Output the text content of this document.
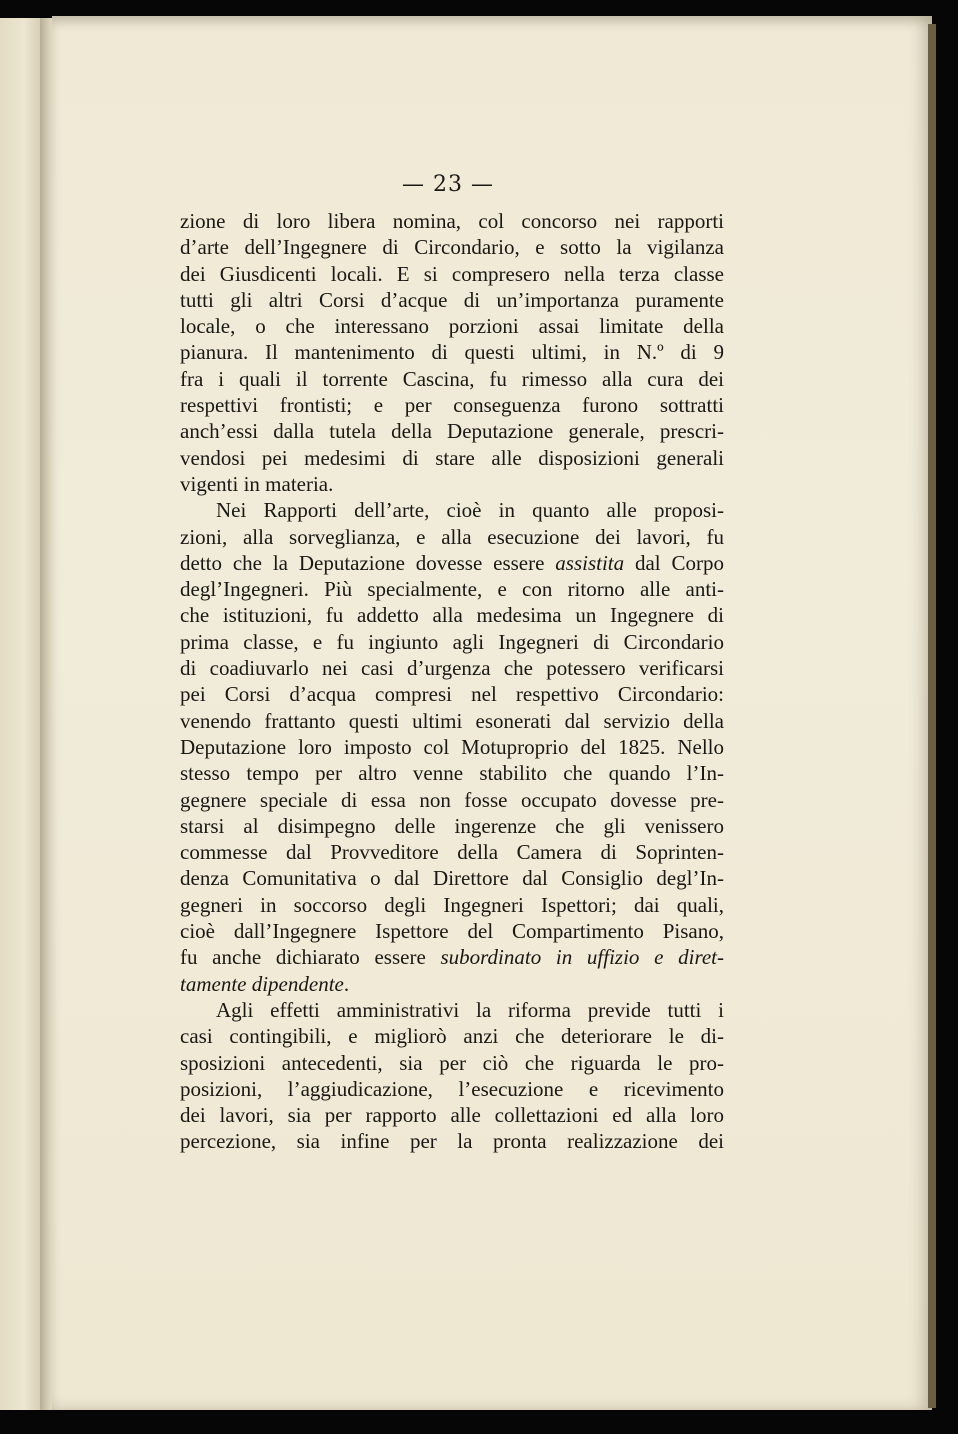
— 23 —
zione di loro libera nomina, col concorso nei rapporti
d’arte dell’Ingegnere di Circondario, e sotto la vigilanza
dei Giusdicenti locali. E si compresero nella terza classe
tutti gli altri Corsi d’acque di un’importanza puramente
locale, o che interessano porzioni assai limitate della
pianura. Il mantenimento di questi ultimi, in N.º di 9
fra i quali il torrente Cascina, fu rimesso alla cura dei
respettivi frontisti; e per conseguenza furono sottratti
anch’essi dalla tutela della Deputazione generale, prescri-
vendosi pei medesimi di stare alle disposizioni generali
vigenti in materia.
Nei Rapporti dell’arte, cioè in quanto alle proposi-
zioni, alla sorveglianza, e alla esecuzione dei lavori, fu
detto che la Deputazione dovesse essere assistita dal Corpo
degl’Ingegneri. Più specialmente, e con ritorno alle anti-
che istituzioni, fu addetto alla medesima un Ingegnere di
prima classe, e fu ingiunto agli Ingegneri di Circondario
di coadiuvarlo nei casi d’urgenza che potessero verificarsi
pei Corsi d’acqua compresi nel respettivo Circondario:
venendo frattanto questi ultimi esonerati dal servizio della
Deputazione loro imposto col Motuproprio del 1825. Nello
stesso tempo per altro venne stabilito che quando l’In-
gegnere speciale di essa non fosse occupato dovesse pre-
starsi al disimpegno delle ingerenze che gli venissero
commesse dal Provveditore della Camera di Soprinten-
denza Comunitativa o dal Direttore dal Consiglio degl’In-
gegneri in soccorso degli Ingegneri Ispettori; dai quali,
cioè dall’Ingegnere Ispettore del Compartimento Pisano,
fu anche dichiarato essere subordinato in uffizio e diret-
tamente dipendente.
Agli effetti amministrativi la riforma previde tutti i
casi contingibili, e migliorò anzi che deteriorare le di-
sposizioni antecedenti, sia per ciò che riguarda le pro-
posizioni, l’aggiudicazione, l’esecuzione e ricevimento
dei lavori, sia per rapporto alle collettazioni ed alla loro
percezione, sia infine per la pronta realizzazione dei
